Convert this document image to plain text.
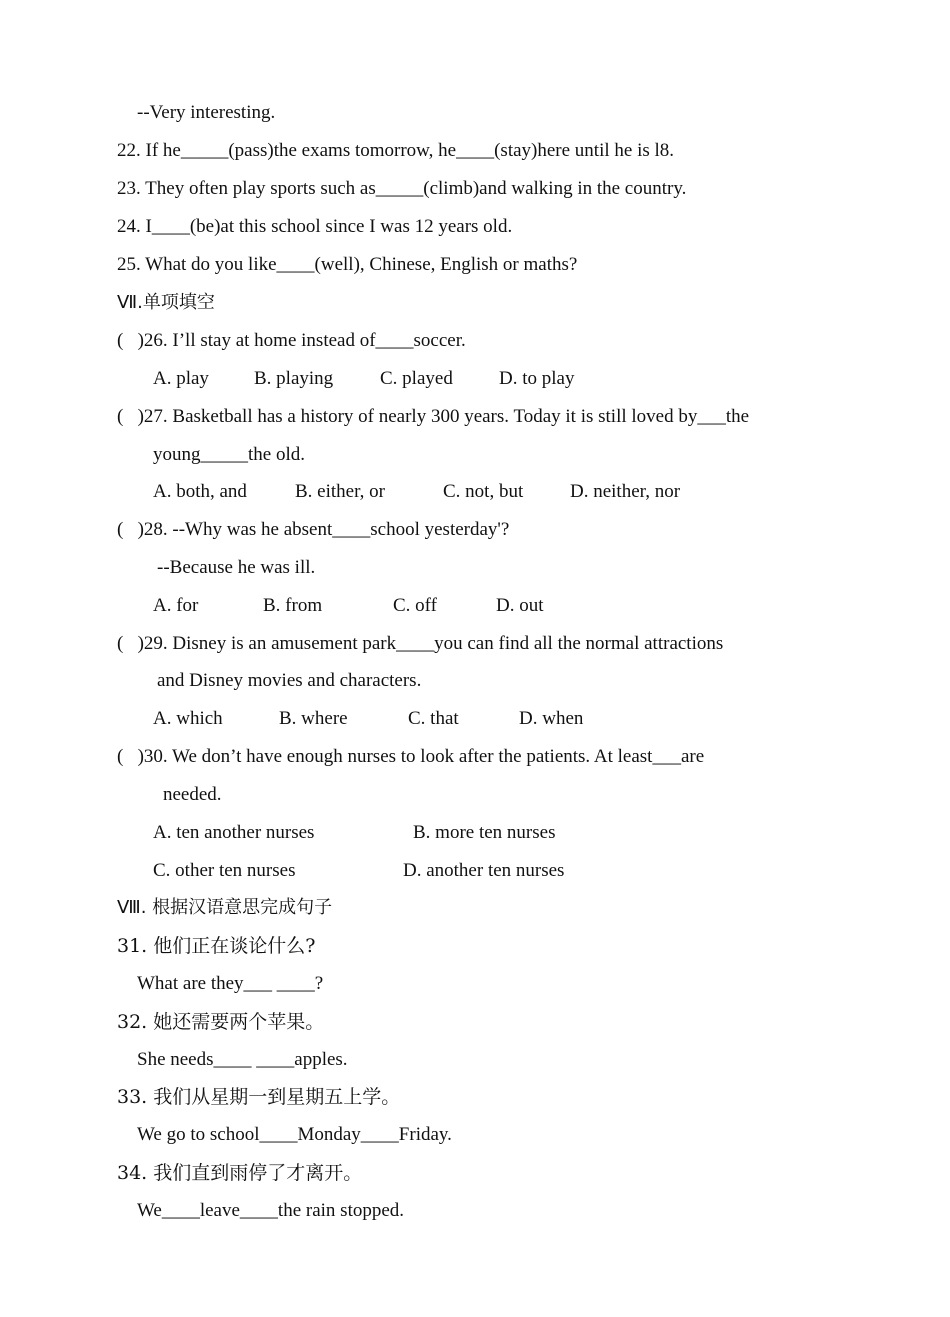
--Very interesting.
22. If he_____(pass)the exams tomorrow, he____(stay)here until he is l8.
23. They often play sports such as_____(climb)and walking in the country.
24. I____(be)at this school since I was 12 years old.
25. What do you like____(well), Chinese, English or maths?
Ⅶ.单项填空
(   )26. I’ll stay at home instead of____soccer.
A. play B. playing C. played D. to play
(   )27. Basketball has a history of nearly 300 years. Today it is still loved by___the
young_____the old.
A. both, and	B. either, or	C. not, but D. neither, nor
(   )28. --Why was he absent____school yesterday'?
--Because he was ill.
A. for	B. from	C. off	D. out
(   )29. Disney is an amusement park____you can find all the normal attractions
and Disney movies and characters.
A. which	B. where	C. that	D. when
(   )30. We don’t have enough nurses to look after the patients. At least___are
needed.
A. ten another nurses	B. more ten nurses
C. other ten nurses	D. another ten nurses
Ⅷ. 根据汉语意思完成句子
31. 他们正在谈论什么?
What are they___ ____?
32. 她还需要两个苹果。
She needs____ ____apples.
33. 我们从星期一到星期五上学。
We go to school____Monday____Friday.
34. 我们直到雨停了才离开。
We____leave____the rain stopped.
